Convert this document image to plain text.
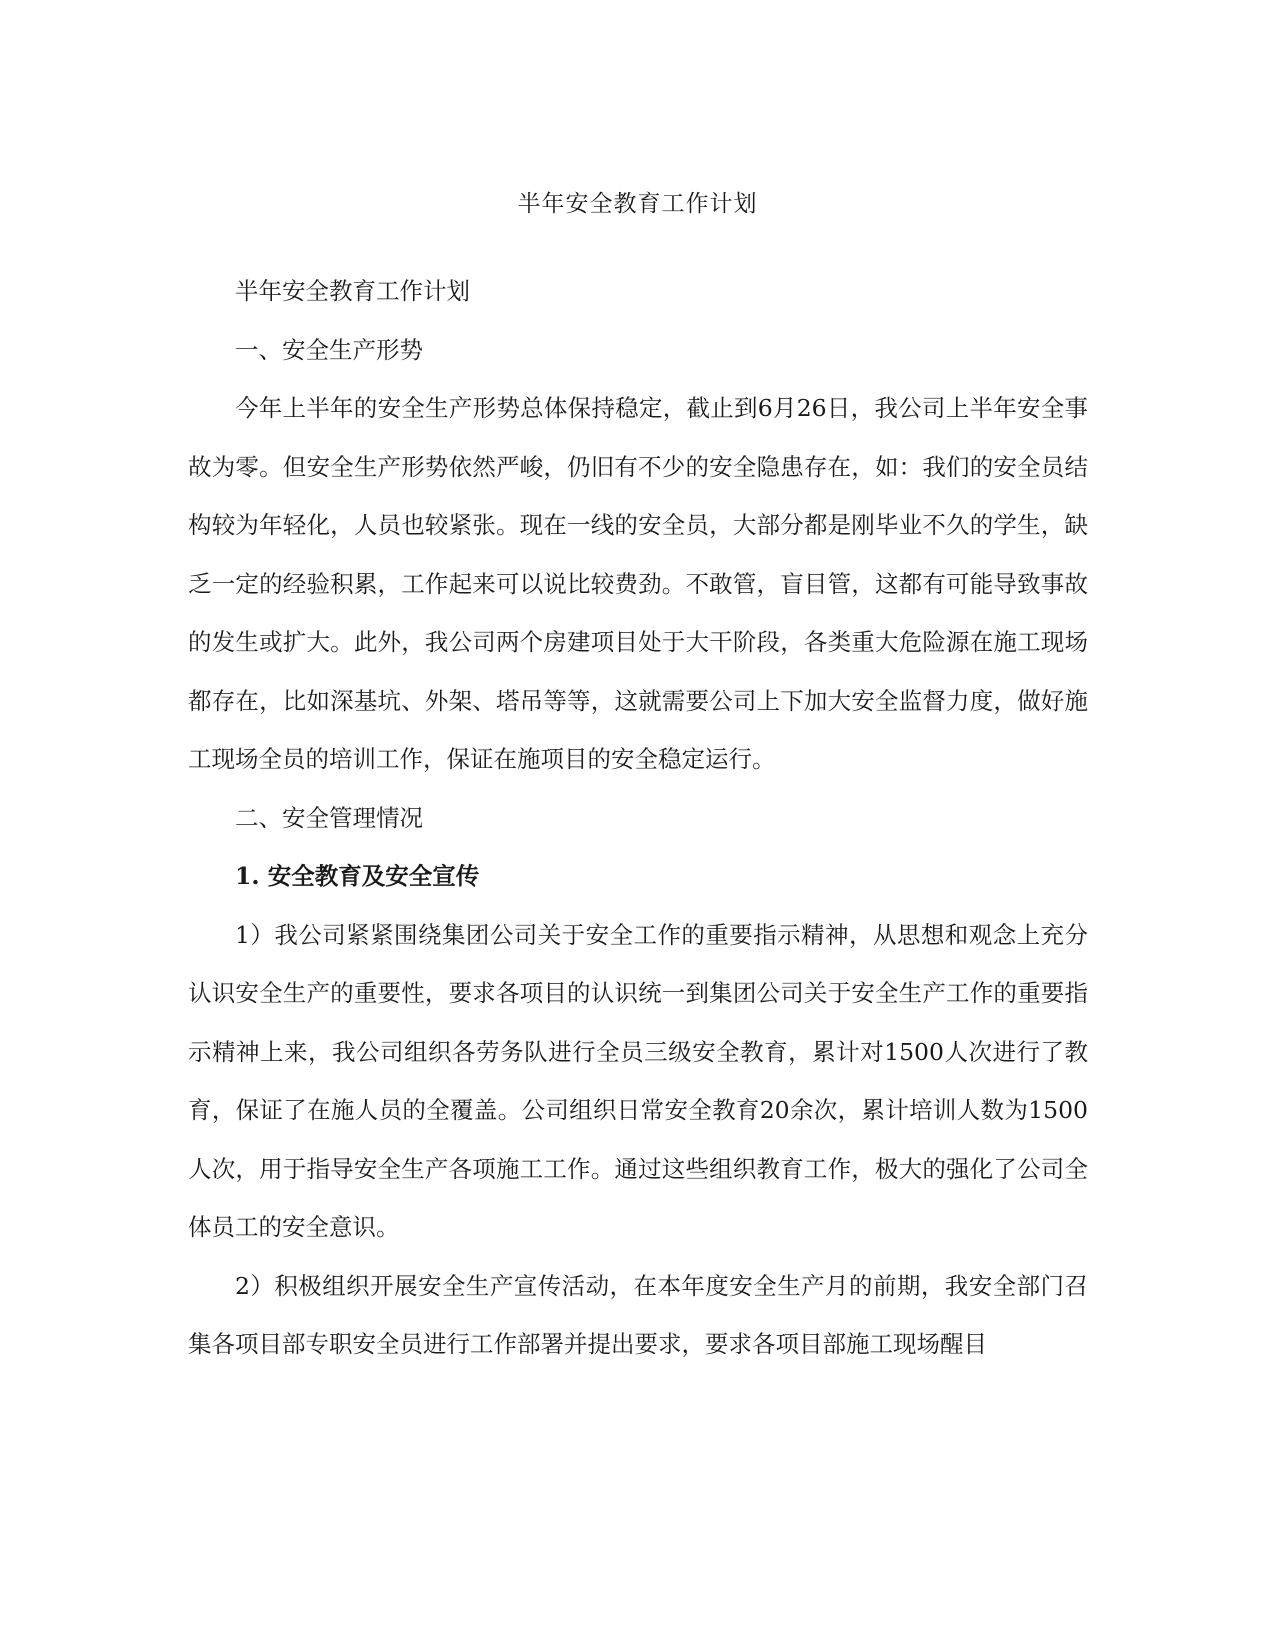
半年安全教育工作计划

半年安全教育工作计划

一、安全生产形势

今年上半年的安全生产形势总体保持稳定，截止到6月26日，我公司上半年安全事故为零。但安全生产形势依然严峻，仍旧有不少的安全隐患存在，如：我们的安全员结构较为年轻化，人员也较紧张。现在一线的安全员，大部分都是刚毕业不久的学生，缺乏一定的经验积累，工作起来可以说比较费劲。不敢管，盲目管，这都有可能导致事故的发生或扩大。此外，我公司两个房建项目处于大干阶段，各类重大危险源在施工现场都存在，比如深基坑、外架、塔吊等等，这就需要公司上下加大安全监督力度，做好施工现场全员的培训工作，保证在施项目的安全稳定运行。

二、安全管理情况

1. 安全教育及安全宣传

1）我公司紧紧围绕集团公司关于安全工作的重要指示精神，从思想和观念上充分认识安全生产的重要性，要求各项目的认识统一到集团公司关于安全生产工作的重要指示精神上来，我公司组织各劳务队进行全员三级安全教育，累计对1500人次进行了教育，保证了在施人员的全覆盖。公司组织日常安全教育20余次，累计培训人数为1500人次，用于指导安全生产各项施工工作。通过这些组织教育工作，极大的强化了公司全体员工的安全意识。

2）积极组织开展安全生产宣传活动，在本年度安全生产月的前期，我安全部门召集各项目部专职安全员进行工作部署并提出要求，要求各项目部施工现场醒目
